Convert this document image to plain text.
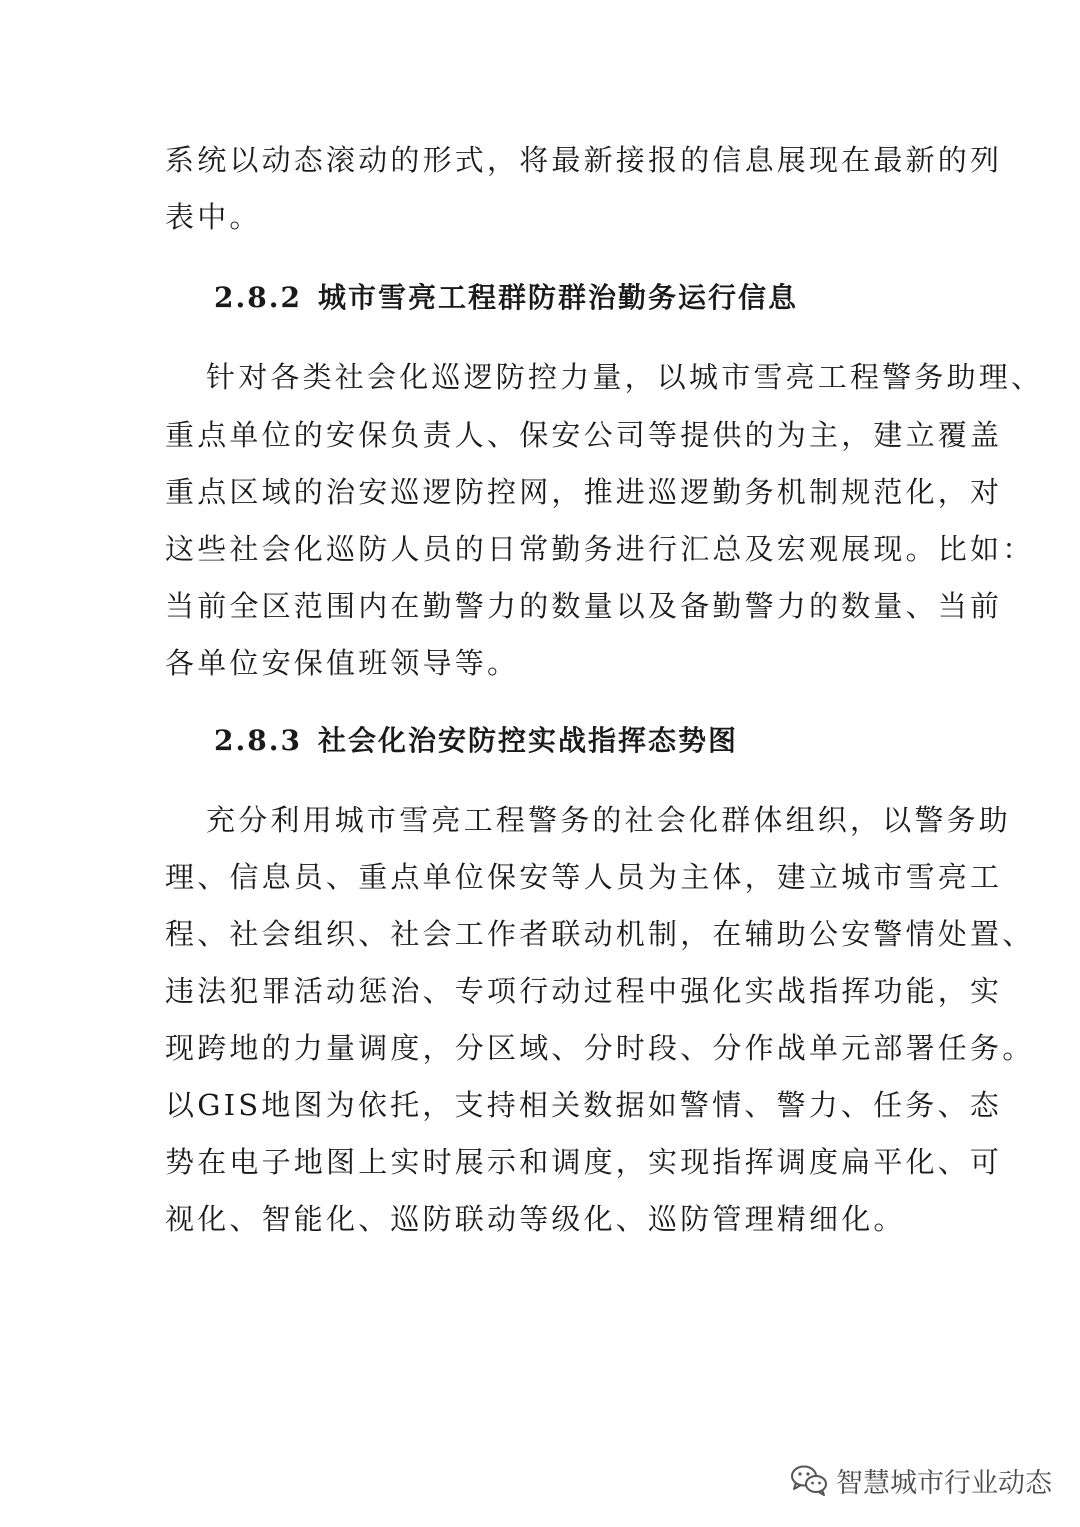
系统以动态滚动的形式，将最新接报的信息展现在最新的列
表中。
2.8.2 城市雪亮工程群防群治勤务运行信息
针对各类社会化巡逻防控力量，以城市雪亮工程警务助理、
重点单位的安保负责人、保安公司等提供的为主，建立覆盖
重点区域的治安巡逻防控网，推进巡逻勤务机制规范化，对
这些社会化巡防人员的日常勤务进行汇总及宏观展现。比如：
当前全区范围内在勤警力的数量以及备勤警力的数量、当前
各单位安保值班领导等。
2.8.3 社会化治安防控实战指挥态势图
充分利用城市雪亮工程警务的社会化群体组织，以警务助
理、信息员、重点单位保安等人员为主体，建立城市雪亮工
程、社会组织、社会工作者联动机制，在辅助公安警情处置、
违法犯罪活动惩治、专项行动过程中强化实战指挥功能，实
现跨地的力量调度，分区域、分时段、分作战单元部署任务。
以GIS地图为依托，支持相关数据如警情、警力、任务、态
势在电子地图上实时展示和调度，实现指挥调度扁平化、可
视化、智能化、巡防联动等级化、巡防管理精细化。
智慧城市行业动态
